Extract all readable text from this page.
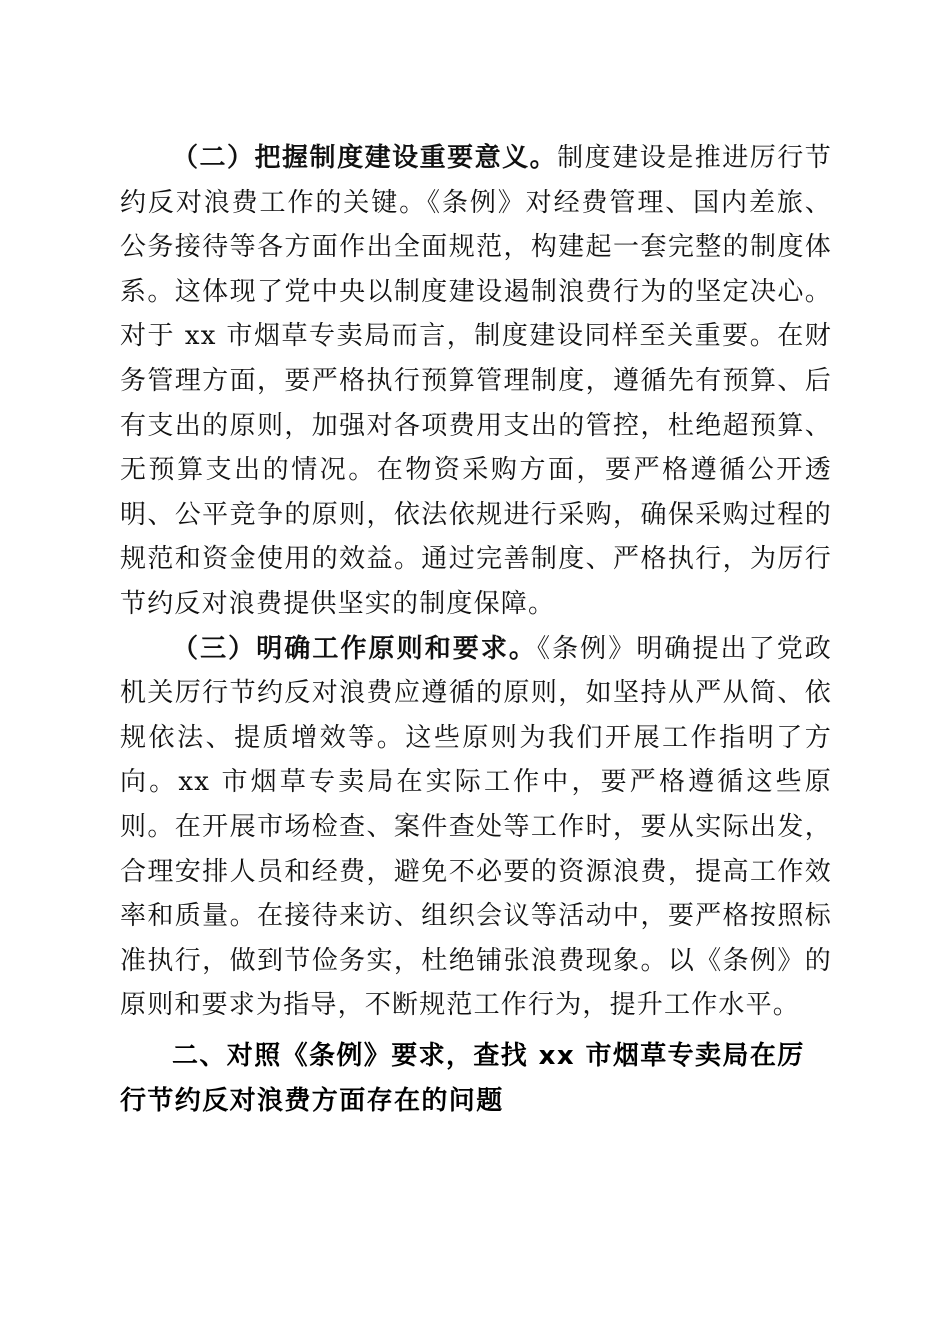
（二）把握制度建设重要意义。制度建设是推进厉行节约反对浪费工作的关键。《条例》对经费管理、国内差旅、公务接待等各方面作出全面规范，构建起一套完整的制度体系。这体现了党中央以制度建设遏制浪费行为的坚定决心。对于 xx 市烟草专卖局而言，制度建设同样至关重要。在财务管理方面，要严格执行预算管理制度，遵循先有预算、后有支出的原则，加强对各项费用支出的管控，杜绝超预算、无预算支出的情况。在物资采购方面，要严格遵循公开透明、公平竞争的原则，依法依规进行采购，确保采购过程的规范和资金使用的效益。通过完善制度、严格执行，为厉行节约反对浪费提供坚实的制度保障。

（三）明确工作原则和要求。《条例》明确提出了党政机关厉行节约反对浪费应遵循的原则，如坚持从严从简、依规依法、提质增效等。这些原则为我们开展工作指明了方向。xx 市烟草专卖局在实际工作中，要严格遵循这些原则。在开展市场检查、案件查处等工作时，要从实际出发，合理安排人员和经费，避免不必要的资源浪费，提高工作效率和质量。在接待来访、组织会议等活动中，要严格按照标准执行，做到节俭务实，杜绝铺张浪费现象。以《条例》的原则和要求为指导，不断规范工作行为，提升工作水平。

二、对照《条例》要求，查找 xx 市烟草专卖局在厉行节约反对浪费方面存在的问题
